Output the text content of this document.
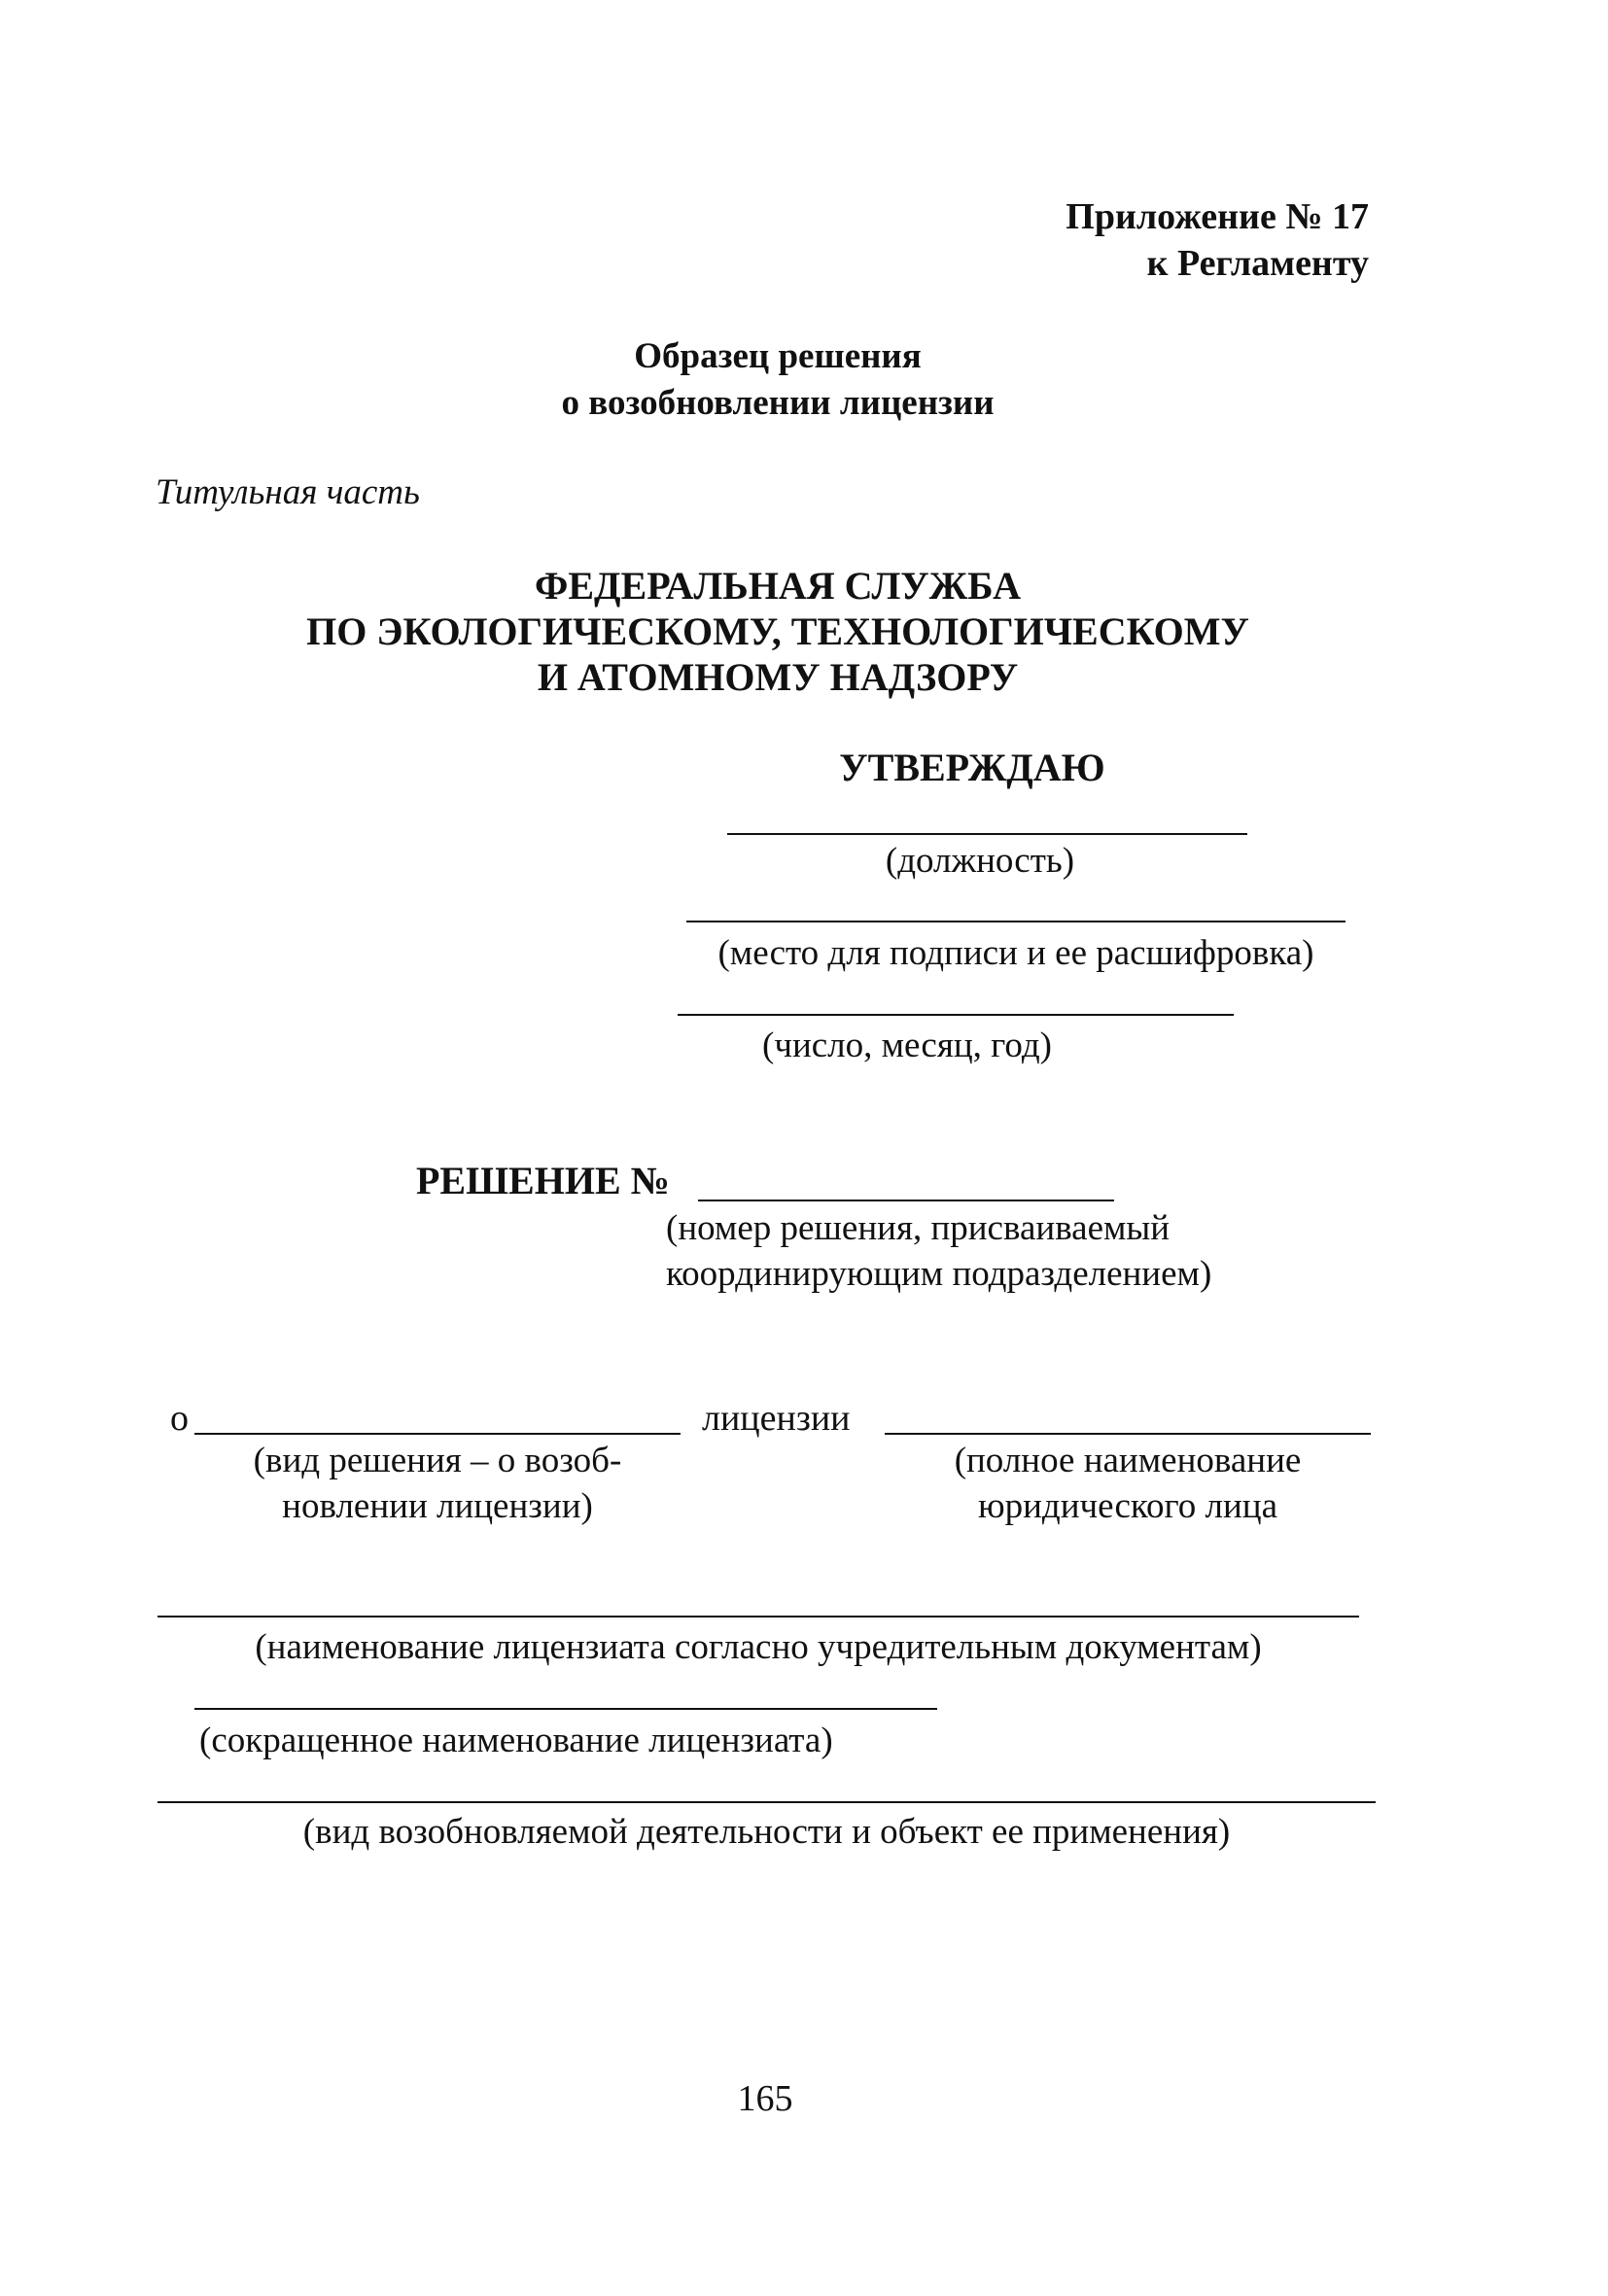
Приложение № 17
к Регламенту
Образец решения
о возобновлении лицензии
Титульная часть
ФЕДЕРАЛЬНАЯ СЛУЖБА
ПО ЭКОЛОГИЧЕСКОМУ, ТЕХНОЛОГИЧЕСКОМУ
И АТОМНОМУ НАДЗОРУ
УТВЕРЖДАЮ
(должность)
(место для подписи и ее расшифровка)
(число, месяц, год)
РЕШЕНИЕ №
(номер решения, присваиваемый
координирующим подразделением)
о	лицензии
(вид решения – о возоб-
новлении лицензии)
(полное наименование
юридического лица
(наименование лицензиата согласно учредительным документам)
(сокращенное наименование лицензиата)
(вид возобновляемой деятельности и объект ее применения)
165
